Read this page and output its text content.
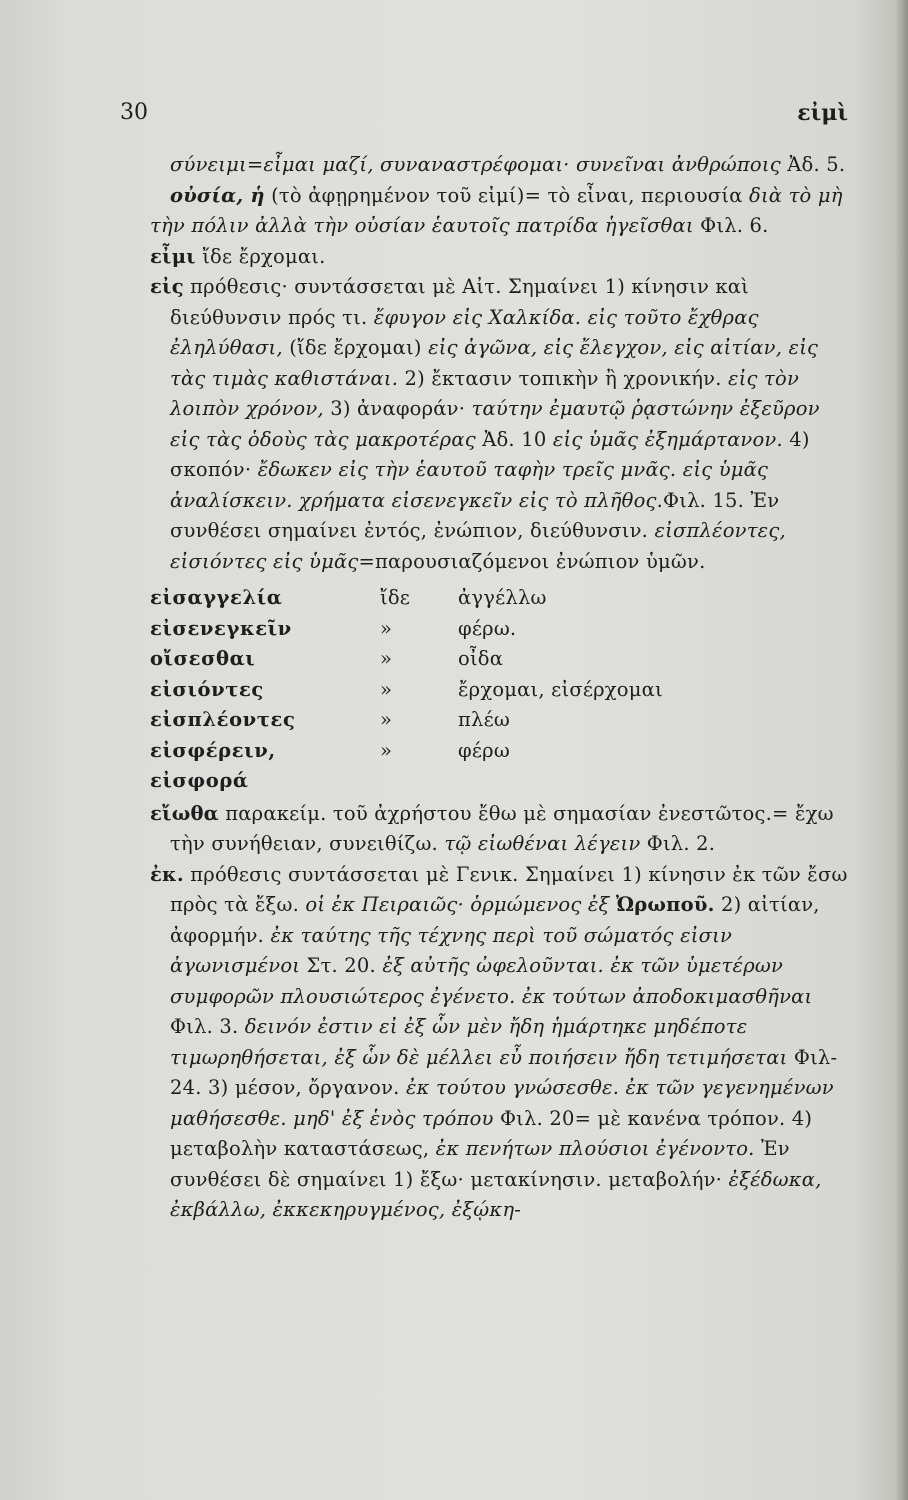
30	εἰμὶ

σύνειμι=εἶμαι μαζί, συναναστρέφομαι· συνεῖναι ἀνθρώποις Ἀδ. 5.

οὐσία, ἡ (τὸ ἀφῃρημένον τοῦ εἰμί)= τὸ εἶναι, περιουσία διὰ τὸ μὴ τὴν πόλιν ἀλλὰ τὴν οὐσίαν ἑαυτοῖς πατρίδα ἡγεῖσθαι Φιλ. 6.

εἶμι ἴδε ἔρχομαι.

εἰς πρόθεσις· συντάσσεται μὲ Αἰτ. Σημαίνει 1) κίνησιν καὶ διεύθυνσιν πρός τι. ἔφυγον εἰς Χαλκίδα. εἰς τοῦτο ἔχθρας ἐληλύθασι, (ἴδε ἔρχομαι) εἰς ἀγῶνα, εἰς ἔλεγχον, εἰς αἰτίαν, εἰς τὰς τιμὰς καθιστάναι. 2) ἔκτασιν τοπικὴν ἢ χρονικήν. εἰς τὸν λοιπὸν χρόνον, 3) ἀναφοράν· ταύτην ἐμαυτῷ ῥᾳστώνην ἐξεῦρον εἰς τὰς ὁδοὺς τὰς μακροτέρας Ἀδ. 10 εἰς ὑμᾶς ἐξημάρτανον. 4) σκοπόν· ἔδωκεν εἰς τὴν ἑαυτοῦ ταφὴν τρεῖς μνᾶς. εἰς ὑμᾶς ἀναλίσκειν. χρήματα εἰσενεγκεῖν εἰς τὸ πλῆθος.Φιλ. 15. Ἐν συνθέσει σημαίνει ἐντός, ἐνώπιον, διεύθυνσιν. εἰσπλέοντες, εἰσιόντες εἰς ὑμᾶς=παρουσιαζόμενοι ἐνώπιον ὑμῶν.

εἰσαγγελία	ἴδε	ἀγγέλλω
εἰσενεγκεῖν	»	φέρω.
οἴσεσθαι	»	οἶδα
εἰσιόντες	»	ἔρχομαι, εἰσέρχομαι
εἰσπλέοντες	»	πλέω
εἰσφέρειν, εἰσφορά	»	φέρω

εἴωθα παρακείμ. τοῦ ἀχρήστου ἔθω μὲ σημασίαν ἐνεστῶτος.= ἔχω τὴν συνήθειαν, συνειθίζω. τῷ εἰωθέναι λέγειν Φιλ. 2.

ἐκ. πρόθεσις συντάσσεται μὲ Γενικ. Σημαίνει 1) κίνησιν ἐκ τῶν ἔσω πρὸς τὰ ἔξω. οἱ ἐκ Πειραιῶς· ὁρμώμενος ἐξ Ὠρωποῦ. 2) αἰτίαν, ἀφορμήν. ἐκ ταύτης τῆς τέχνης περὶ τοῦ σώματός εἰσιν ἀγωνισμένοι Στ. 20. ἐξ αὐτῆς ὠφελοῦνται. ἐκ τῶν ὑμετέρων συμφορῶν πλουσιώτερος ἐγένετο. ἐκ τούτων ἀποδοκιμασθῆναι Φιλ. 3. δεινόν ἐστιν εἰ ἐξ ὧν μὲν ἤδη ἡμάρτηκε μηδέποτε τιμωρηθήσεται, ἐξ ὧν δὲ μέλλει εὖ ποιήσειν ἤδη τετιμήσεται Φιλ- 24. 3) μέσον, ὄργανον. ἐκ τούτου γνώσεσθε. ἐκ τῶν γεγενημένων μαθήσεσθε. μηδ' ἐξ ἑνὸς τρόπου Φιλ. 20= μὲ κανένα τρόπον. 4) μεταβολὴν καταστάσεως, ἐκ πενήτων πλούσιοι ἐγένοντο. Ἐν συνθέσει δὲ σημαίνει 1) ἔξω· μετακίνησιν. μεταβολήν· ἐξέδωκα, ἐκβάλλω, ἐκκεκηρυγμένος, ἐξῴκη-
